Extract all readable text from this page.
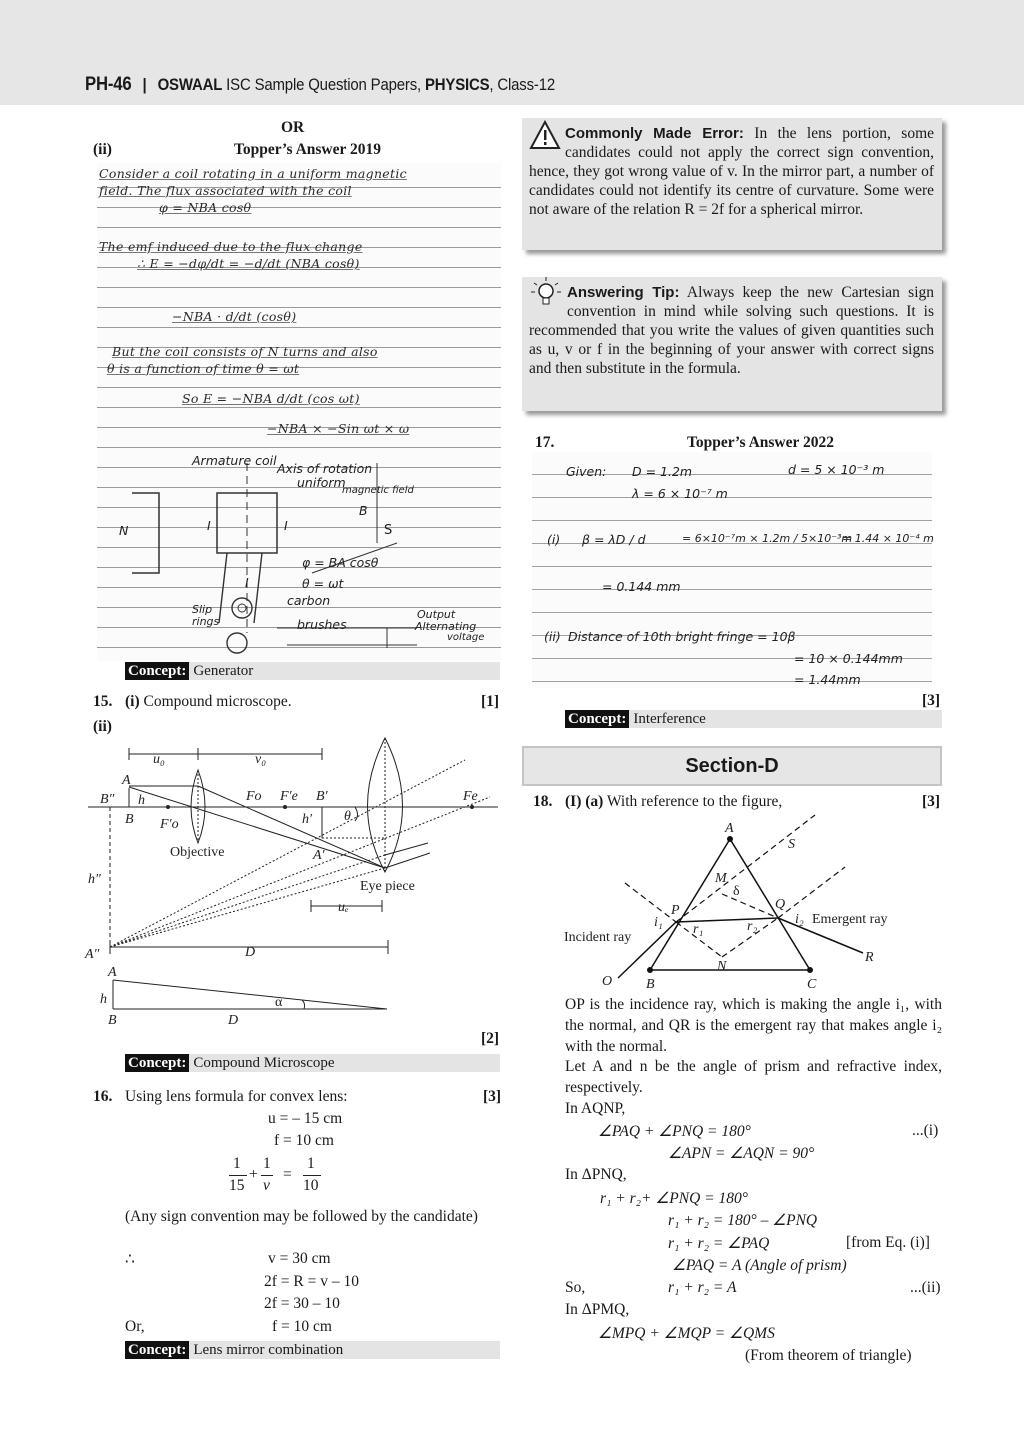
PH-46 | OSWAAL ISC Sample Question Papers, PHYSICS, Class-12
OR
(ii)	Topper’s Answer 2019
Consider a coil rotating in a uniform magnetic
field. The flux associated with the coil
φ = NBA cosθ
The emf induced due to the flux change
∴ E = −dφ/dt = −d/dt (NBA cosθ)
−NBA · d/dt (cosθ)
But the coil consists of N turns and also
θ is a function of time θ = ωt
So E = −NBA d/dt (cos ωt)
−NBA × −Sin ωt × ω
Armature coil
Axis of rotation
uniform
magnetic field
B
N	S
I	I
I
φ = BA cosθ
θ = ωt
carbon
brushes
Slip
rings
Output
Alternating
voltage
Concept: Generator
15. (i) Compound microscope.	[1]
(ii)
u₀	v₀
A
B″ h
B F′o
Fo F′e B′
h′ θ
Fe
Objective	A′
Eye piece
h″
uₑ
A″	D
A
h
B	D
α
[2]
Concept: Compound Microscope
16. Using lens formula for convex lens:	[3]
u = – 15 cm
f = 10 cm
1
15
+
1
v
=
1
10
(Any sign convention may be followed by the candidate)
∴	v = 30 cm
2f = R = v – 10
2f = 30 – 10
Or,	f = 10 cm
Concept: Lens mirror combination
Commonly Made Error: In the lens portion, some candidates could not apply the correct sign convention, hence, they got wrong value of v. In the mirror part, a number of candidates could not identify its centre of curvature. Some were not aware of the relation R = 2f for a spherical mirror.
Answering Tip: Always keep the new Cartesian sign convention in mind while solving such questions. It is recommended that you write the values of given quantities such as u, v or f in the beginning of your answer with correct signs and then substitute in the formula.
17.	Topper’s Answer 2022
Given: D = 1.2m	d = 5 × 10⁻³ m
λ = 6 × 10⁻⁷ m
(i) β = λD / d	= 6×10⁻⁷m × 1.2m / 5×10⁻³m
= 1.44 × 10⁻⁴ m
= 0.144 mm
(ii) Distance of 10th bright fringe = 10β
= 10 × 0.144mm
= 1.44mm
[3]
Concept: Interference
Section-D
18. (I) (a) With reference to the figure,	[3]
A
S
M
δ
P	Q
i₁ r₁	r₂	i₂ Emergent ray
Incident ray
N
R
O B	C
OP is the incidence ray, which is making the angle i₁, with the normal, and QR is the emergent ray that makes angle i₂ with the normal.
Let A and n be the angle of prism and refractive index, respectively.
In AQNP,
∠PAQ + ∠PNQ = 180°	...(i)
∠APN = ∠AQN = 90°
In ΔPNQ,
r₁ + r₂+ ∠PNQ = 180°
r₁ + r₂ = 180° – ∠PNQ
r₁ + r₂ = ∠PAQ	[from Eq. (i)]
∠PAQ = A (Angle of prism)
So,	r₁ + r₂ = A	...(ii)
In ΔPMQ,
∠MPQ + ∠MQP = ∠QMS
(From theorem of triangle)
